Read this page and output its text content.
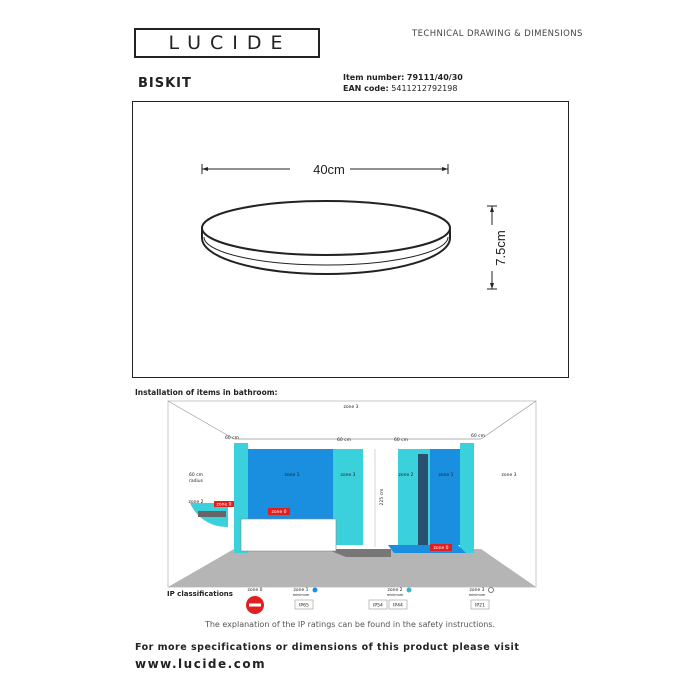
LUCIDE	TECHNICAL DRAWING & DIMENSIONS
BISKIT	Item number: 79111/40/30
EAN code: 5411212792198
40cm
7.5cm
Installation of items in bathroom:
zone 3
zone 1	zone 3	zone 2	zone 1	zone 3
zone 2
60 cm	60 cm	60 cm
60 cm
60 cm
radius
225 cm
zone 0
zone 0
zone 0
IP classifications	zone 0	zone 1
minimum
IP65
zone 2
minimum
IP54 IP44
zone 3
minimum
IP21
The explanation of the IP ratings can be found in the safety instructions.
For more specifications or dimensions of this product please visit
www.lucide.com
